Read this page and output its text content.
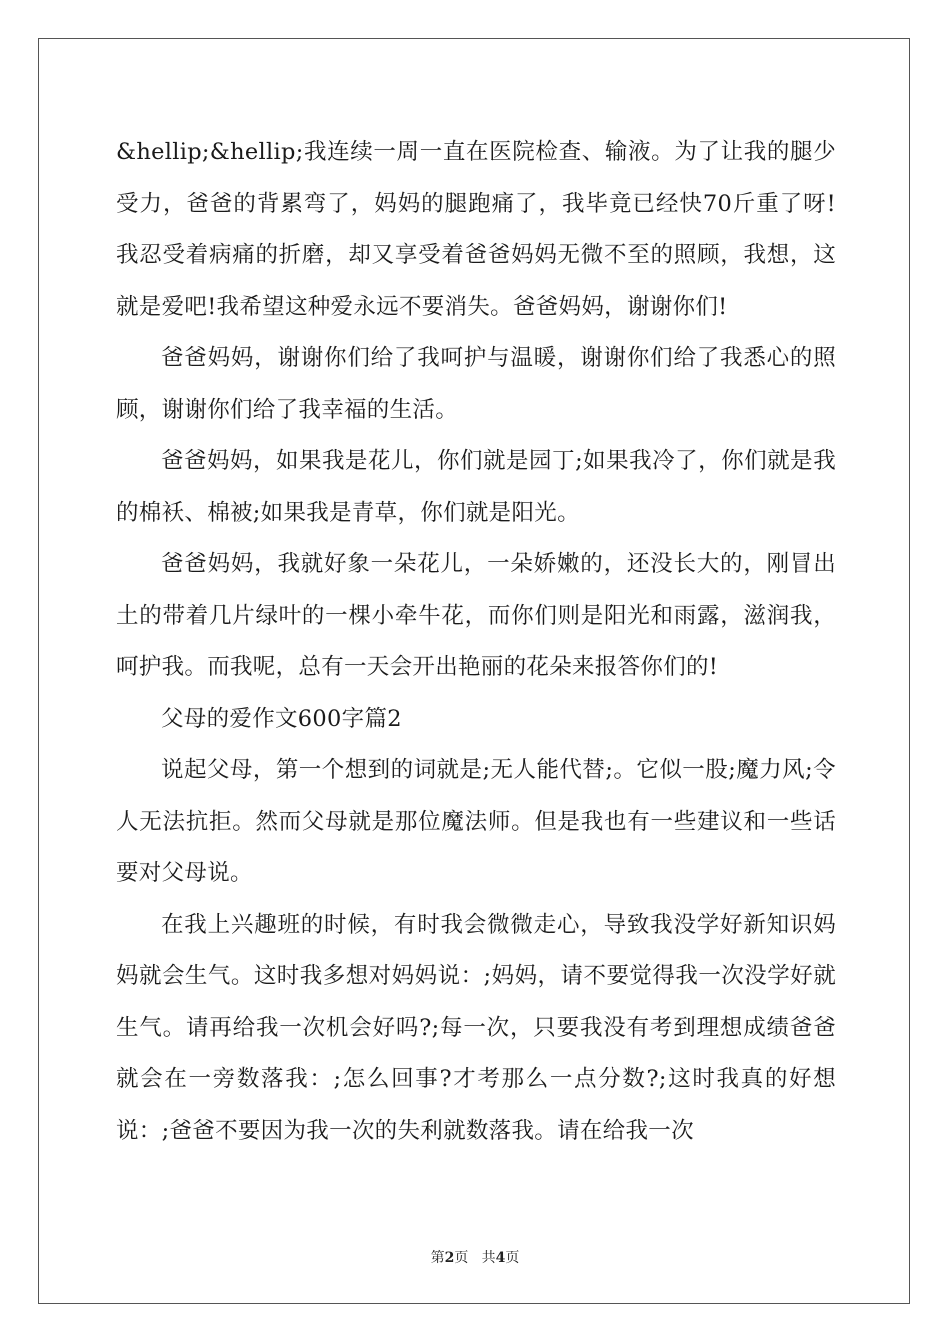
&hellip;&hellip;我连续一周一直在医院检查、输液。为了让我的腿少受力，爸爸的背累弯了，妈妈的腿跑痛了，我毕竟已经快70斤重了呀!我忍受着病痛的折磨，却又享受着爸爸妈妈无微不至的照顾，我想，这就是爱吧!我希望这种爱永远不要消失。爸爸妈妈，谢谢你们!

爸爸妈妈，谢谢你们给了我呵护与温暖，谢谢你们给了我悉心的照顾，谢谢你们给了我幸福的生活。

爸爸妈妈，如果我是花儿，你们就是园丁;如果我冷了，你们就是我的棉袄、棉被;如果我是青草，你们就是阳光。

爸爸妈妈，我就好象一朵花儿，一朵娇嫩的，还没长大的，刚冒出土的带着几片绿叶的一棵小牵牛花，而你们则是阳光和雨露，滋润我，呵护我。而我呢，总有一天会开出艳丽的花朵来报答你们的!

父母的爱作文600字篇2

说起父母，第一个想到的词就是;无人能代替;。它似一股;魔力风;令人无法抗拒。然而父母就是那位魔法师。但是我也有一些建议和一些话要对父母说。

在我上兴趣班的时候，有时我会微微走心，导致我没学好新知识妈妈就会生气。这时我多想对妈妈说：;妈妈，请不要觉得我一次没学好就生气。请再给我一次机会好吗?;每一次，只要我没有考到理想成绩爸爸就会在一旁数落我：;怎么回事?才考那么一点分数?;这时我真的好想说：;爸爸不要因为我一次的失利就数落我。请在给我一次

第2页   共4页
